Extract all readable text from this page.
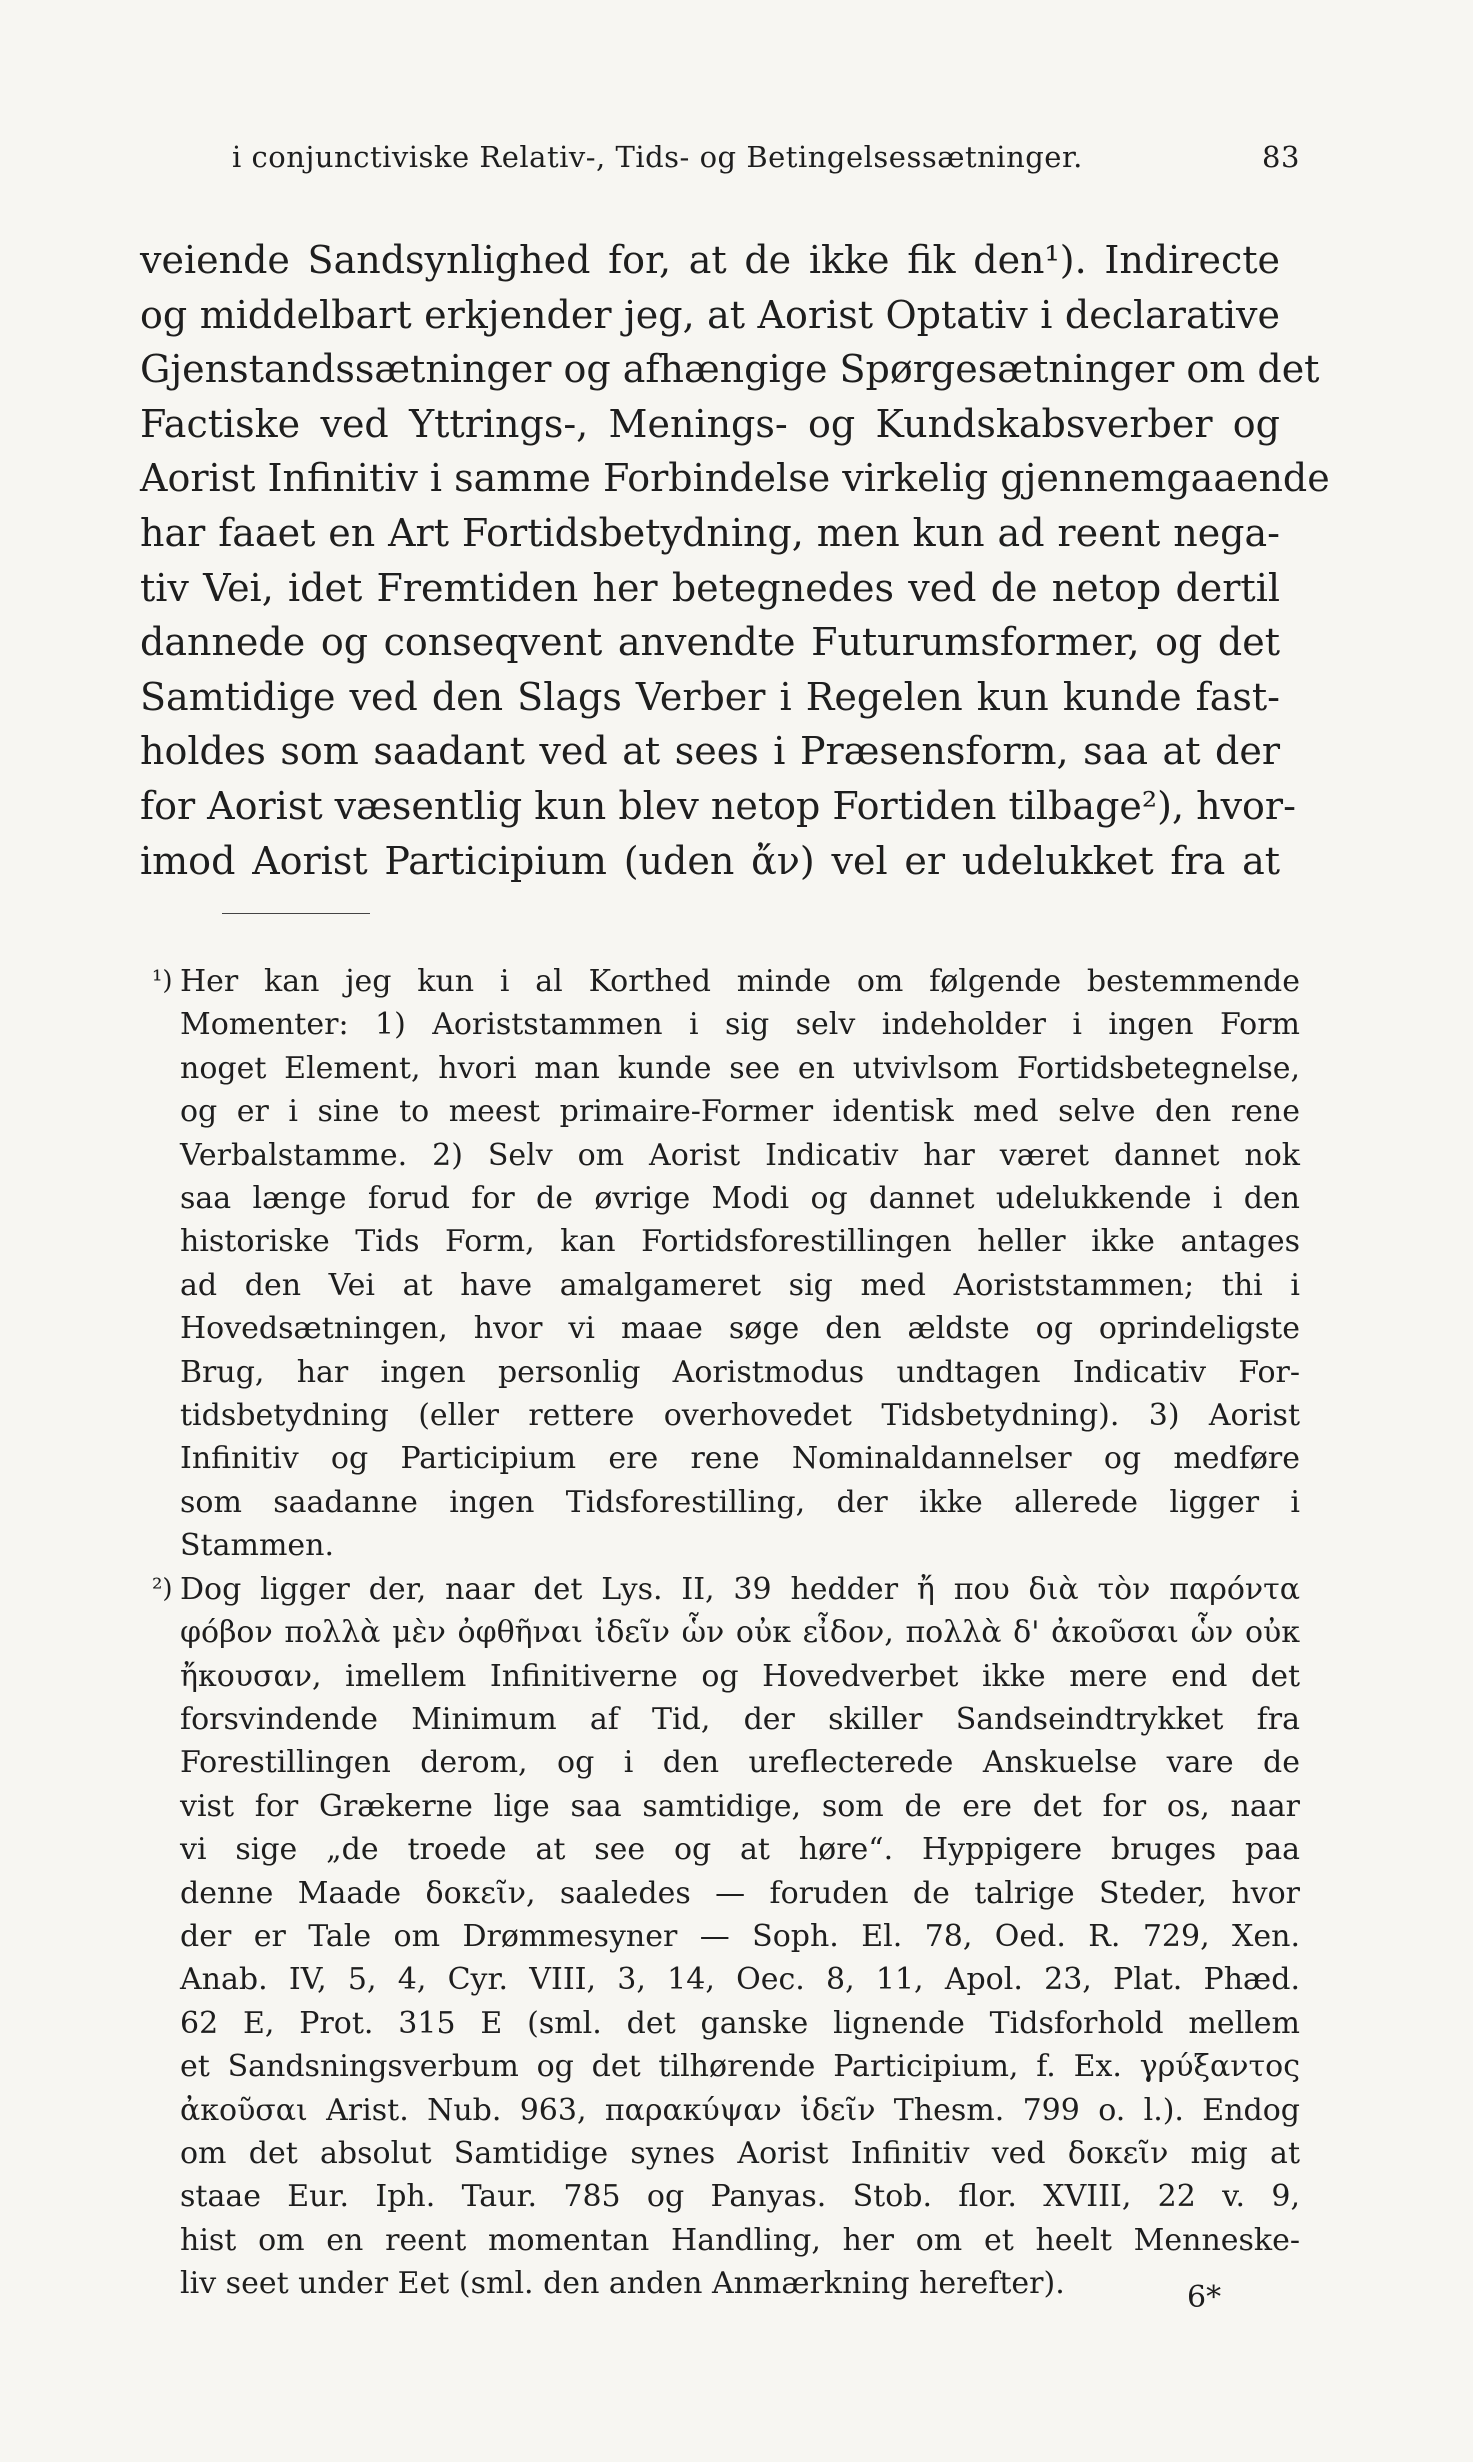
i conjunctiviske Relativ-, Tids- og Betingelsessætninger.	83
veiende Sandsynlighed for, at de ikke fik den¹). Indirecte
og middelbart erkjender jeg, at Aorist Optativ i declarative
Gjenstandssætninger og afhængige Spørgesætninger om det
Factiske ved Yttrings-, Menings- og Kundskabsverber og
Aorist Infinitiv i samme Forbindelse virkelig gjennemgaaende
har faaet en Art Fortidsbetydning, men kun ad reent nega-
tiv Vei, idet Fremtiden her betegnedes ved de netop dertil
dannede og conseqvent anvendte Futurumsformer, og det
Samtidige ved den Slags Verber i Regelen kun kunde fast-
holdes som saadant ved at sees i Præsensform, saa at der
for Aorist væsentlig kun blev netop Fortiden tilbage²), hvor-
imod Aorist Participium (uden ἄν) vel er udelukket fra at
¹) Her kan jeg kun i al Korthed minde om følgende bestemmende
Momenter: 1) Aoriststammen i sig selv indeholder i ingen Form
noget Element, hvori man kunde see en utvivlsom Fortidsbetegnelse,
og er i sine to meest primaire-Former identisk med selve den rene
Verbalstamme. 2) Selv om Aorist Indicativ har været dannet nok
saa længe forud for de øvrige Modi og dannet udelukkende i den
historiske Tids Form, kan Fortidsforestillingen heller ikke antages
ad den Vei at have amalgameret sig med Aoriststammen; thi i
Hovedsætningen, hvor vi maae søge den ældste og oprindeligste
Brug, har ingen personlig Aoristmodus undtagen Indicativ For-
tidsbetydning (eller rettere overhovedet Tidsbetydning). 3) Aorist
Infinitiv og Participium ere rene Nominaldannelser og medføre
som saadanne ingen Tidsforestilling, der ikke allerede ligger i
Stammen.
²) Dog ligger der, naar det Lys. II, 39 hedder ἤ που διὰ τὸν παρόντα
φόβον πολλὰ μὲν ὀφθῆναι ἰδεῖν ὧν οὐκ εἶδον, πολλὰ δ' ἀκοῦσαι ὧν οὐκ
ἤκουσαν, imellem Infinitiverne og Hovedverbet ikke mere end det
forsvindende Minimum af Tid, der skiller Sandseindtrykket fra
Forestillingen derom, og i den ureflecterede Anskuelse vare de
vist for Grækerne lige saa samtidige, som de ere det for os, naar
vi sige „de troede at see og at høre“. Hyppigere bruges paa
denne Maade δοκεῖν, saaledes — foruden de talrige Steder, hvor
der er Tale om Drømmesyner — Soph. El. 78, Oed. R. 729, Xen.
Anab. IV, 5, 4, Cyr. VIII, 3, 14, Oec. 8, 11, Apol. 23, Plat. Phæd.
62 E, Prot. 315 E (sml. det ganske lignende Tidsforhold mellem
et Sandsningsverbum og det tilhørende Participium, f. Ex. γρύξαντος
ἀκοῦσαι Arist. Nub. 963, παρακύψαν ἰδεῖν Thesm. 799 o. l.). Endog
om det absolut Samtidige synes Aorist Infinitiv ved δοκεῖν mig at
staae Eur. Iph. Taur. 785 og Panyas. Stob. flor. XVIII, 22 v. 9,
hist om en reent momentan Handling, her om et heelt Menneske-
liv seet under Eet (sml. den anden Anmærkning herefter).	6*
